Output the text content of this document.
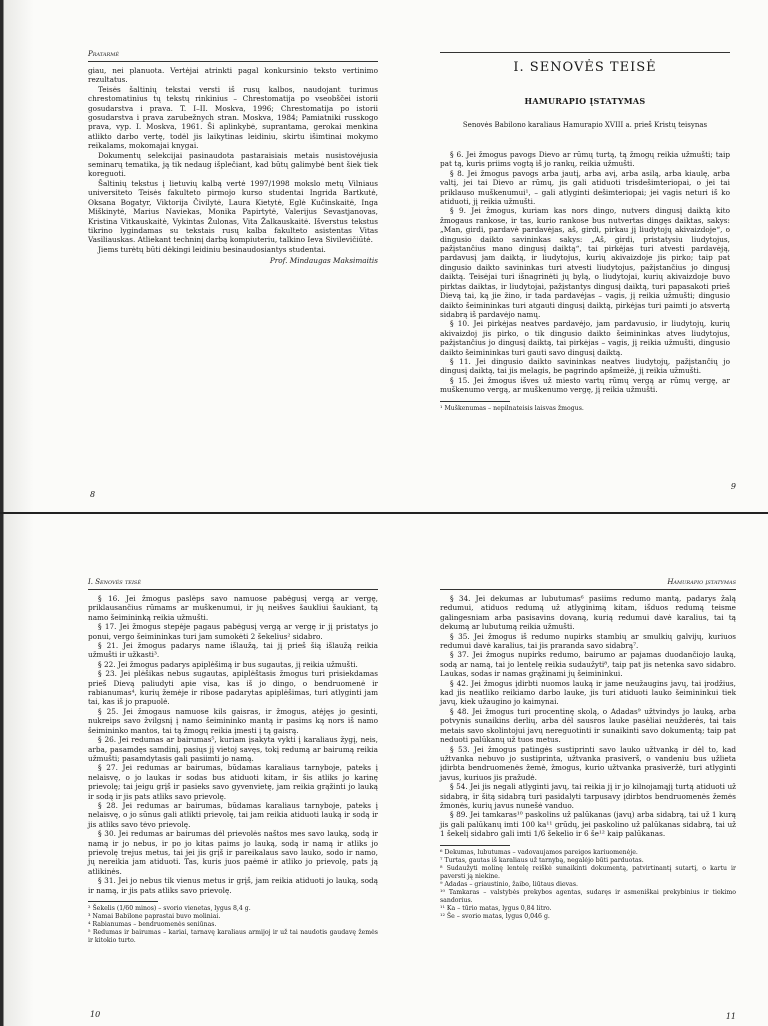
Pratarmė

giau, nei planuota. Vertėjai atrinkti pagal konkursinio teksto vertinimo rezultatus.

Teisės šaltinių tekstai versti iš rusų kalbos, naudojant turimus chrestomatinius tų tekstų rinkinius – Chrestomatija po vseobščei istorii gosudarstva i prava. T. I–II. Moskva, 1996; Chrestomatija po istorii gosudarstva i prava zarubežnych stran. Moskva, 1984; Pamiatniki russkogo prava, vyp. I. Moskva, 1961. Ši aplinkybė, suprantama, gerokai menkina atlikto darbo vertę, todėl jis laikytinas leidiniu, skirtu išimtinai mokymo reikalams, mokomajai knygai.

Dokumentų selekcijai pasinaudota pastaraisiais metais nusistovėjusia seminarų tematika, ją tik nedaug išplečiant, kad būtų galimybė bent šiek tiek koreguoti.

Šaltinių tekstus į lietuvių kalbą vertė 1997/1998 mokslo metų Vilniaus universiteto Teisės fakulteto pirmojo kurso studentai Ingrida Bartkutė, Oksana Bogatyr, Viktorija Čivilytė, Laura Kietytė, Eglė Kučinskaitė, Inga Miškinytė, Marius Naviekas, Monika Papirtytė, Valerijus Sevastjanovas, Kristina Vitkauskaitė, Vykintas Žulonas, Vita Žalkauskaitė. Išverstus tekstus tikrino lygindamas su tekstais rusų kalba fakulteto asistentas Vitas Vasiliauskas. Atliekant techninį darbą kompiuteriu, talkino Ieva Sivilevičiūtė.

Jiems turėtų būti dėkingi leidiniu besinaudosiantys studentai.

Prof. Mindaugas Maksimaitis

8
9
I. SENOVĖS TEISĖ
HAMURAPIO ĮSTATYMAS
Senovės Babilono karaliaus Hamurapio XVIII a. prieš Kristų teisynas

§ 6. Jei žmogus pavogs Dievo ar rūmų turtą, tą žmogų reikia užmušti; taip pat tą, kuris priims vogtą iš jo rankų, reikia užmušti.

§ 8. Jei žmogus pavogs arba jautį, arba avį, arba asilą, arba kiaulę, arba valtį, jei tai Dievo ar rūmų, jis gali atiduoti trisdešimteriopai, o jei tai priklauso muškenumui¹, – gali atlyginti dešimteriopai; jei vagis neturi iš ko atiduoti, jį reikia užmušti.

§ 9. Jei žmogus, kuriam kas nors dingo, nutvers dingusį daiktą kito žmogaus rankose, ir tas, kurio rankose bus nutvertas dingęs daiktas, sakys: „Man, girdi, pardavė pardavėjas, aš, girdi, pirkau jį liudytojų akivaizdoje“, o dingusio daikto savininkas sakys: „Aš, girdi, pristatysiu liudytojus, pažįstančius mano dingusį daiktą“, tai pirkėjas turi atvesti pardavėją, pardavusį jam daiktą, ir liudytojus, kurių akivaizdoje jis pirko; taip pat dingusio daikto savininkas turi atvesti liudytojus, pažįstančius jo dingusį daiktą. Teisėjai turi išnagrinėti jų bylą, o liudytojai, kurių akivaizdoje buvo pirktas daiktas, ir liudytojai, pažįstantys dingusį daiktą, turi papasakoti prieš Dievą tai, ką jie žino, ir tada pardavėjas – vagis, jį reikia užmušti; dingusio daikto šeimininkas turi atgauti dingusį daiktą, pirkėjas turi paimti jo atsvertą sidabrą iš pardavėjo namų.

§ 10. Jei pirkėjas neatves pardavėjo, jam pardavusio, ir liudytojų, kurių akivaizdoj jis pirko, o tik dingusio daikto šeimininkas atves liudytojus, pažįstančius jo dingusį daiktą, tai pirkėjas – vagis, jį reikia užmušti, dingusio daikto šeimininkas turi gauti savo dingusį daiktą.

§ 11. Jei dingusio daikto savininkas neatves liudytojų, pažįstančių jo dingusį daiktą, tai jis melagis, be pagrindo apšmeižė, jį reikia užmušti.

§ 15. Jei žmogus išves už miesto vartų rūmų vergą ar rūmų vergę, ar muškenumo vergą, ar muškenumo vergę, jį reikia užmušti.

¹ Muškenumas – nepilnateisis laisvas žmogus.

I. Senovės teisė

§ 16. Jei žmogus paslėps savo namuose pabėgusį vergą ar vergę, priklausančius rūmams ar muškenumui, ir jų neišves šaukliui šaukiant, tą namo šeimininką reikia užmušti.

§ 17. Jei žmogus stepėje pagaus pabėgusį vergą ar vergę ir jį pristatys jo ponui, vergo šeimininkas turi jam sumokėti 2 šekelius² sidabro.

§ 21. Jei žmogus padarys name išlaužą, tai jį prieš šią išlaužą reikia užmušti ir užkasti³.

§ 22. Jei žmogus padarys apiplėšimą ir bus sugautas, jį reikia užmušti.

§ 23. Jei plėšikas nebus sugautas, apiplėštasis žmogus turi prisiekdamas prieš Dievą paliudyti apie visa, kas iš jo dingo, o bendruomenė ir rabianumas⁴, kurių žemėje ir ribose padarytas apiplėšimas, turi atlyginti jam tai, kas iš jo prapuolė.

§ 25. Jei žmogaus namuose kils gaisras, ir žmogus, atėjęs jo gesinti, nukreips savo žvilgsnį į namo šeimininko mantą ir pasims ką nors iš namo šeimininko mantos, tai tą žmogų reikia įmesti į tą gaisrą.

§ 26. Jei redumas ar bairumas⁵, kuriam įsakyta vykti į karaliaus žygį, neis, arba, pasamdęs samdinį, pasiųs jį vietoj savęs, tokį redumą ar bairumą reikia užmušti; pasamdytasis gali pasiimti jo namą.

§ 27. Jei redumas ar bairumas, būdamas karaliaus tarnyboje, pateks į nelaisvę, o jo laukas ir sodas bus atiduoti kitam, ir šis atliks jo karinę prievolę; tai jeigu grįš ir pasieks savo gyvenvietę, jam reikia grąžinti jo lauką ir sodą ir jis pats atliks savo prievolę.

§ 28. Jei redumas ar bairumas, būdamas karaliaus tarnyboje, pateks į nelaisvę, o jo sūnus gali atlikti prievolę, tai jam reikia atiduoti lauką ir sodą ir jis atliks savo tėvo prievolę.

§ 30. Jei redumas ar bairumas dėl prievolės naštos mes savo lauką, sodą ir namą ir jo nebus, ir po jo kitas paims jo lauką, sodą ir namą ir atliks jo prievolę trejus metus, tai jei jis grįš ir pareikalaus savo lauko, sodo ir namo, jų nereikia jam atiduoti. Tas, kuris juos paėmė ir atliko jo prievolę, pats ją atlikinės.

§ 31. Jei jo nebus tik vienus metus ir grįš, jam reikia atiduoti jo lauką, sodą ir namą, ir jis pats atliks savo prievolę.

² Šekelis (1/60 minos) – svorio vienetas, lygus 8,4 g.

³ Namai Babilone paprastai buvo moliniai.

⁴ Rabianumas – bendruomenės seniūnas.

⁵ Redumas ir bairumas – kariai, tarnavę karaliaus armijoj ir už tai naudotis gaudavę žemės ir kitokio turto.

10
Hamurapio įstatymas

§ 34. Jei dekumas ar lubutumas⁶ pasiims redumo mantą, padarys žalą redumui, atiduos redumą už atlyginimą kitam, išduos redumą teisme galingesniam arba pasisavins dovaną, kurią redumui davė karalius, tai tą dekumą ar lubutumą reikia užmušti.

§ 35. Jei žmogus iš redumo nupirks stambių ar smulkių galvijų, kuriuos redumui davė karalius, tai jis praranda savo sidabrą⁷.

§ 37. Jei žmogus nupirks redumo, bairumo ar pajamas duodančiojo lauką, sodą ar namą, tai jo lentelę reikia sudaužyti⁸, taip pat jis netenka savo sidabro. Laukas, sodas ir namas grąžinami jų šeimininkui.

§ 42. Jei žmogus įdirbti nuomos lauką ir jame neužaugins javų, tai įrodžius, kad jis neatliko reikiamo darbo lauke, jis turi atiduoti lauko šeimininkui tiek javų, kiek užaugino jo kaimynai.

§ 48. Jei žmogus turi procentinę skolą, o Adadas⁹ užtvindys jo lauką, arba potvynis sunaikins derlių, arba dėl sausros lauke pasėliai neužderės, tai tais metais savo skolintojui javų nereguotinti ir sunaikinti savo dokumentą; taip pat neduoti palūkanų už tuos metus.

§ 53. Jei žmogus patingės sustiprinti savo lauko užtvanką ir dėl to, kad užtvanka nebuvo jo sustiprinta, užtvanka prasiverš, o vandeniu bus užlieta įdirbta bendruomenės žemė, žmogus, kurio užtvanka prasiveržė, turi atlyginti javus, kuriuos jis pražudė.

§ 54. Jei jis negali atlyginti javų, tai reikia jį ir jo kilnojamąjį turtą atiduoti už sidabrą, ir šitą sidabrą turi pasidalyti tarpusavy įdirbtos bendruomenės žemės žmonės, kurių javus nunešė vanduo.

§ 89. Jei tamkaras¹⁰ paskolins už palūkanas (javų) arba sidabrą, tai už 1 kurą jis gali palūkanų imti 100 ka¹¹ grūdų, jei paskolino už palūkanas sidabrą, tai už 1 šekelį sidabro gali imti 1/6 šekelio ir 6 še¹² kaip palūkanas.

⁶ Dekumas, lubutumas – vadovaujamos pareigos kariuomenėje.

⁷ Turtas, gautas iš karaliaus už tarnybą, negalėjo būti parduotas.

⁸ Sudaužyti molinę lentelę reiškė sunaikinti dokumentą, patvirtinantį sutartį, o kartu ir paversti ją niekine.

⁹ Adadas – griaustinio, žaibo, liūtaus dievas.

¹⁰ Tamkaras – valstybės prekybos agentas, sudaręs ir asmeniškai prekybinius ir tiekimo sandorius.

¹¹ Ka – tūrio matas, lygus 0,84 litro.

¹² Še – svorio matas, lygus 0,046 g.

11
